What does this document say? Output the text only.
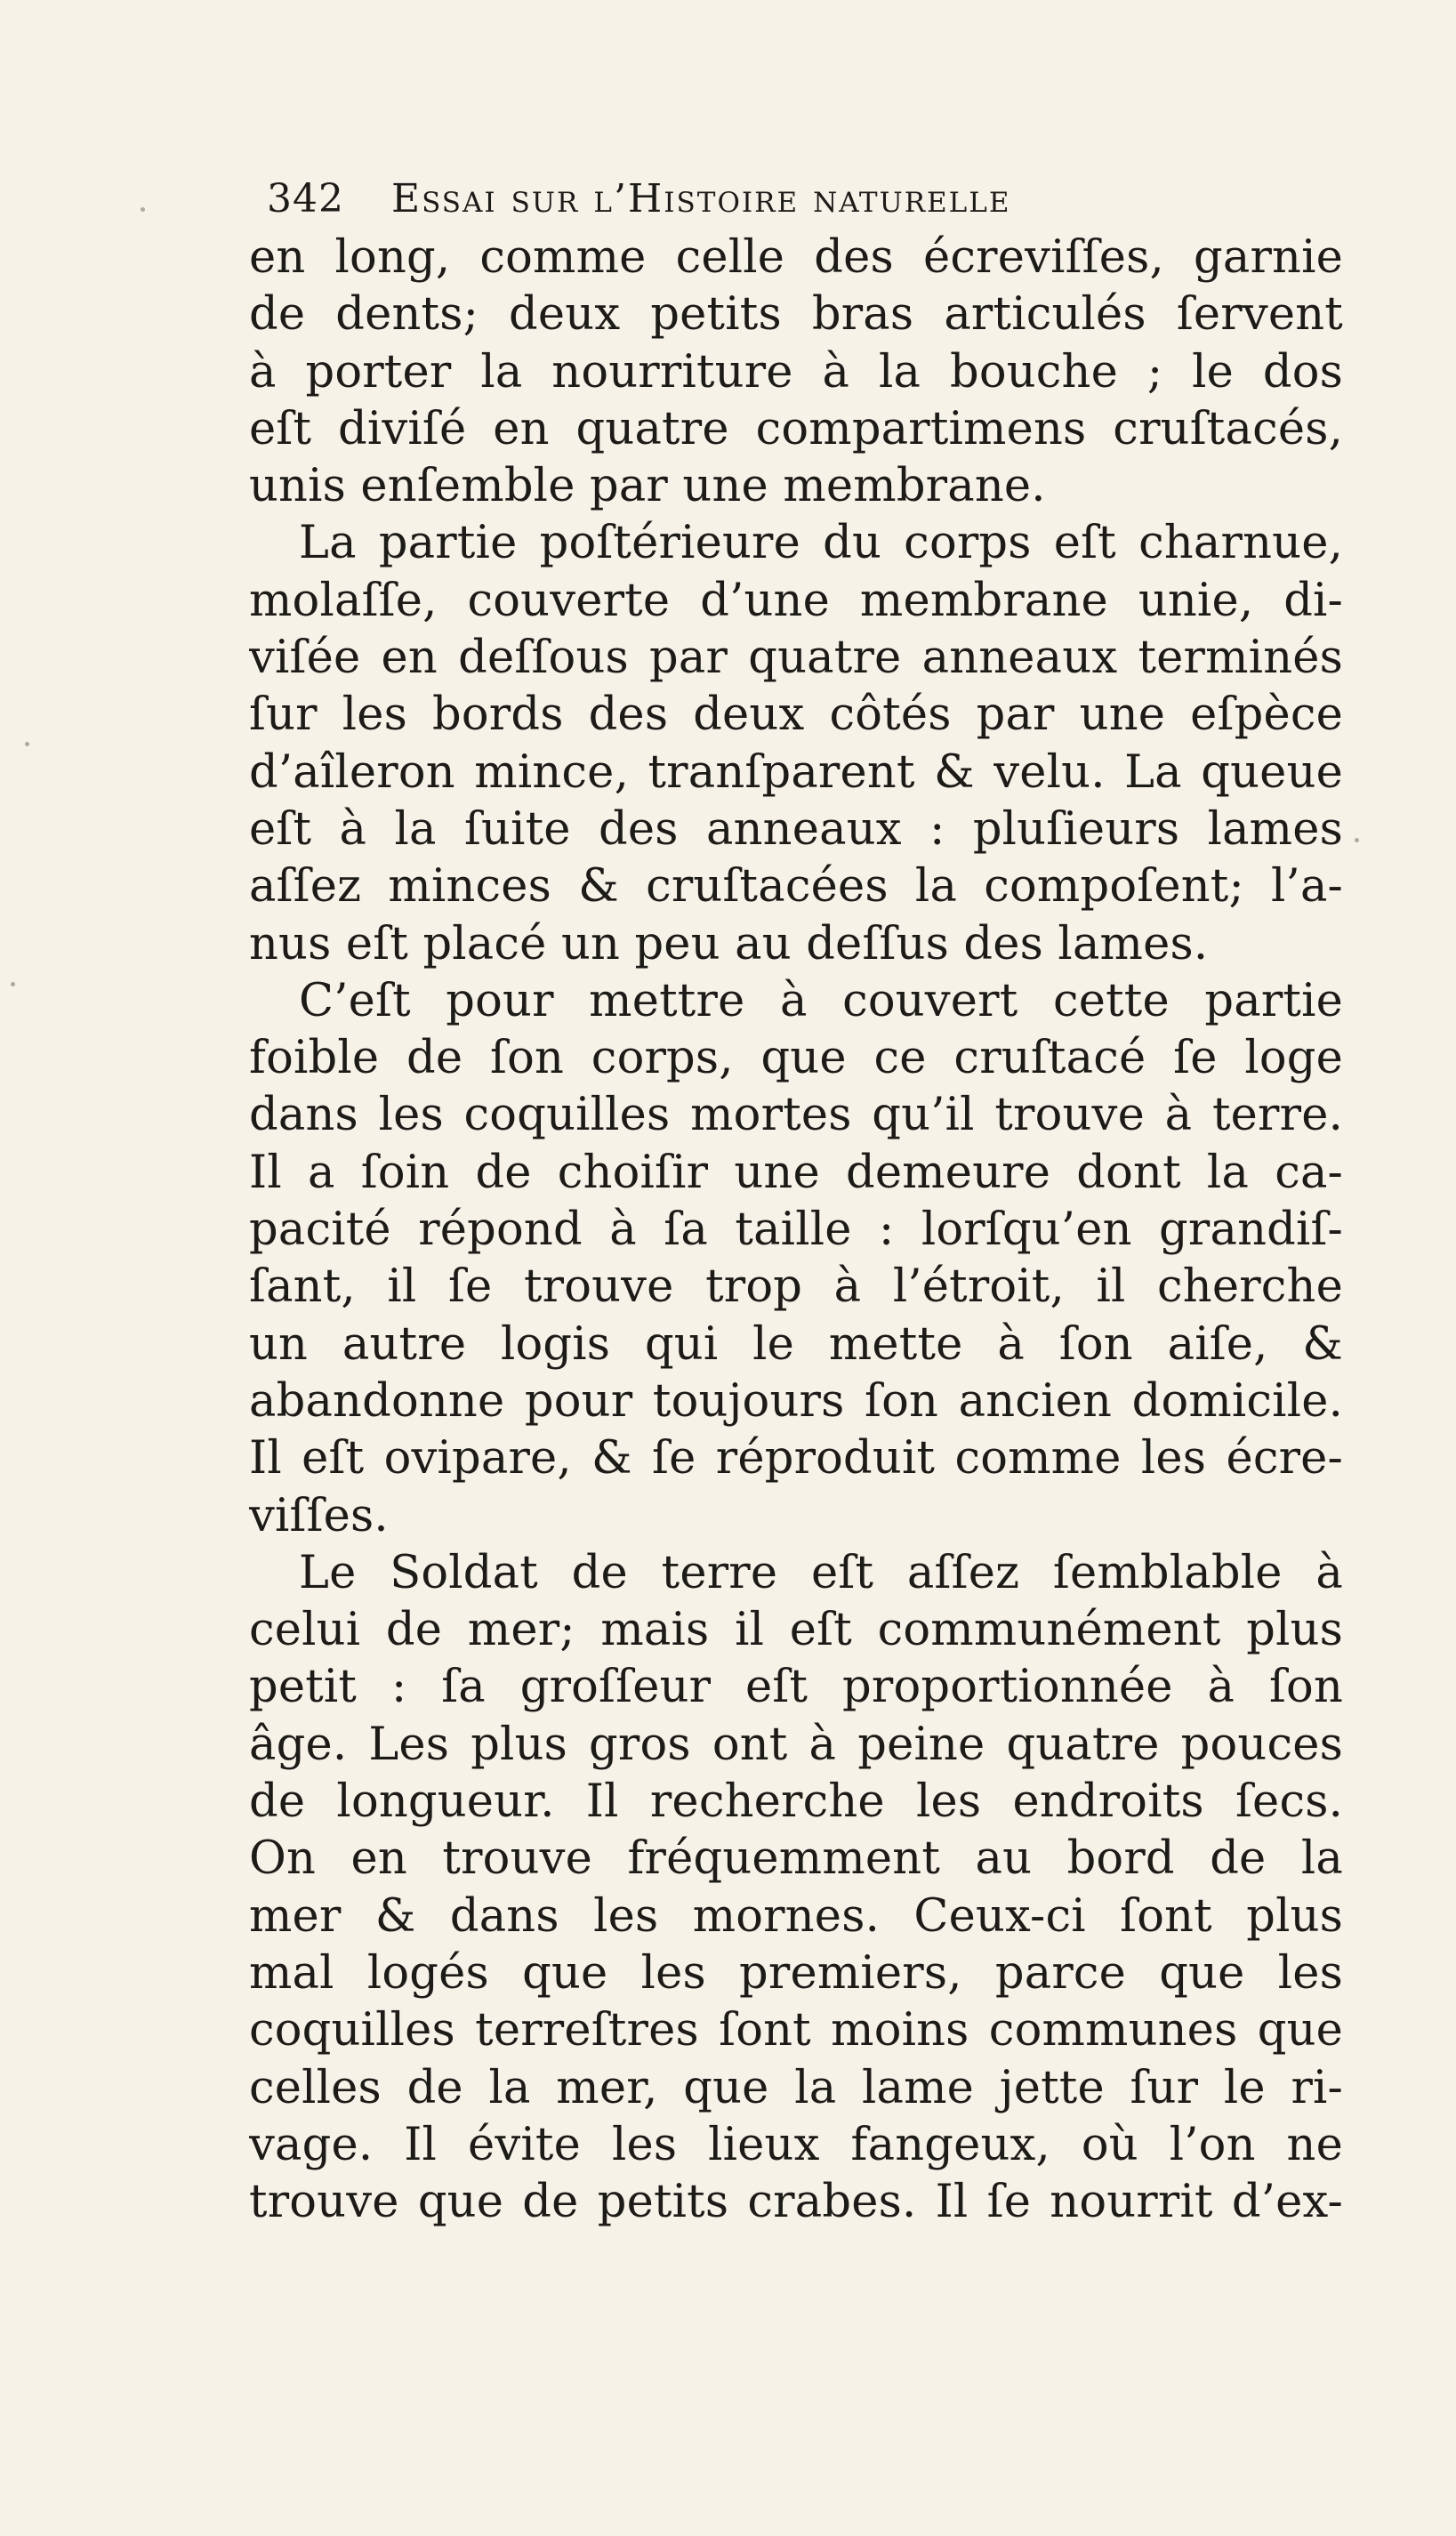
342 Essai sur l’Histoire naturelle
en long, comme celle des écreviſſes, garnie
de dents; deux petits bras articulés ſervent
à porter la nourriture à la bouche ; le dos
eſt diviſé en quatre compartimens cruſtacés,
unis enſemble par une membrane.
La partie poſtérieure du corps eſt charnue,
molaſſe, couverte d’une membrane unie, di-
viſée en deſſous par quatre anneaux terminés
ſur les bords des deux côtés par une eſpèce
d’aîleron mince, tranſparent & velu. La queue
eſt à la ſuite des anneaux : pluſieurs lames
aſſez minces & cruſtacées la compoſent; l’a-
nus eſt placé un peu au deſſus des lames.
C’eſt pour mettre à couvert cette partie
foible de ſon corps, que ce cruſtacé ſe loge
dans les coquilles mortes qu’il trouve à terre.
Il a ſoin de choiſir une demeure dont la ca-
pacité répond à ſa taille : lorſqu’en grandiſ-
ſant, il ſe trouve trop à l’étroit, il cherche
un autre logis qui le mette à ſon aiſe, &
abandonne pour toujours ſon ancien domicile.
Il eſt ovipare, & ſe réproduit comme les écre-
viſſes.
Le Soldat de terre eſt aſſez ſemblable à
celui de mer; mais il eſt communément plus
petit : ſa groſſeur eſt proportionnée à ſon
âge. Les plus gros ont à peine quatre pouces
de longueur. Il recherche les endroits ſecs.
On en trouve fréquemment au bord de la
mer & dans les mornes. Ceux-ci ſont plus
mal logés que les premiers, parce que les
coquilles terreſtres ſont moins communes que
celles de la mer, que la lame jette ſur le ri-
vage. Il évite les lieux fangeux, où l’on ne
trouve que de petits crabes. Il ſe nourrit d’ex-
